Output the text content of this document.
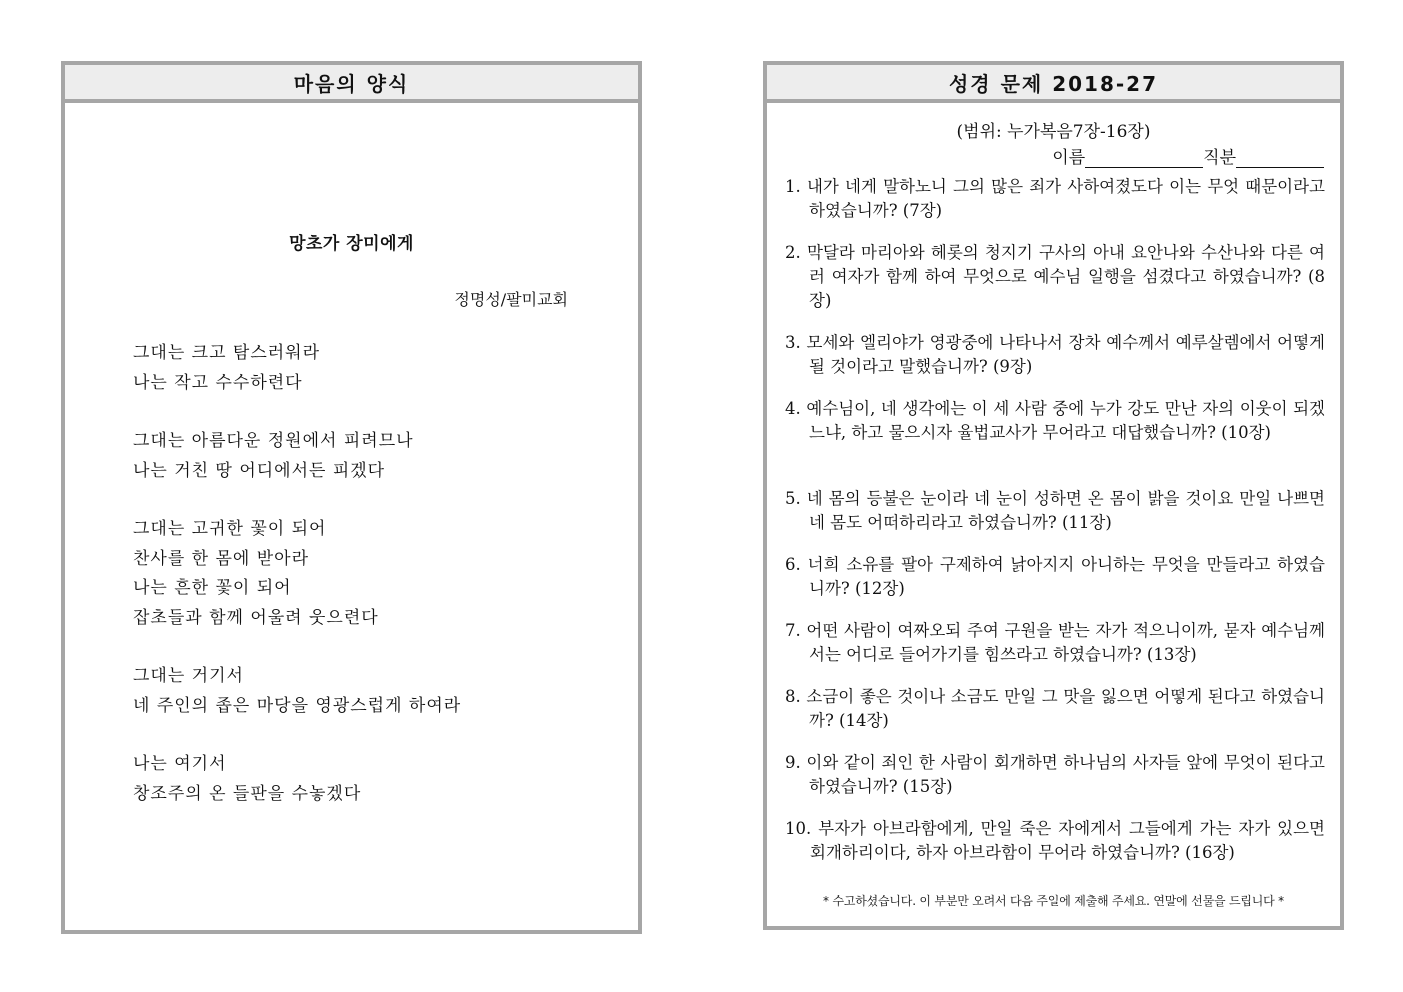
마음의 양식
망초가 장미에게
정명성/팔미교회
그대는 크고 탐스러워라
나는 작고 수수하련다
그대는 아름다운 정원에서 피려므나
나는 거친 땅 어디에서든 피겠다
그대는 고귀한 꽃이 되어
찬사를 한 몸에 받아라
나는 흔한 꽃이 되어
잡초들과 함께 어울려 웃으련다
그대는 거기서
네 주인의 좁은 마당을 영광스럽게 하여라
나는 여기서
창조주의 온 들판을 수놓겠다
성경 문제 2018-27
(범위: 누가복음7장-16장)
이름	직분
1. 내가 네게 말하노니 그의 많은 죄가 사하여졌도다 이는 무엇 때문이라고 하였습니까? (7장)
2. 막달라 마리아와 헤롯의 청지기 구사의 아내 요안나와 수산나와 다른 여러 여자가 함께 하여 무엇으로 예수님 일행을 섬겼다고 하였습니까? (8장)
3. 모세와 엘리야가 영광중에 나타나서 장차 예수께서 예루살렘에서 어떻게 될 것이라고 말했습니까? (9장)
4. 예수님이, 네 생각에는 이 세 사람 중에 누가 강도 만난 자의 이웃이 되겠느냐, 하고 물으시자 율법교사가 무어라고 대답했습니까? (10장)
5. 네 몸의 등불은 눈이라 네 눈이 성하면 온 몸이 밝을 것이요 만일 나쁘면 네 몸도 어떠하리라고 하였습니까? (11장)
6. 너희 소유를 팔아 구제하여 낡아지지 아니하는 무엇을 만들라고 하였습니까? (12장)
7. 어떤 사람이 여짜오되 주여 구원을 받는 자가 적으니이까, 묻자 예수님께서는 어디로 들어가기를 힘쓰라고 하였습니까? (13장)
8. 소금이 좋은 것이나 소금도 만일 그 맛을 잃으면 어떻게 된다고 하였습니까? (14장)
9. 이와 같이 죄인 한 사람이 회개하면 하나님의 사자들 앞에 무엇이 된다고 하였습니까? (15장)
10. 부자가 아브라함에게, 만일 죽은 자에게서 그들에게 가는 자가 있으면 회개하리이다, 하자 아브라함이 무어라 하였습니까? (16장)
* 수고하셨습니다. 이 부분만 오려서 다음 주일에 제출해 주세요. 연말에 선물을 드립니다 *
